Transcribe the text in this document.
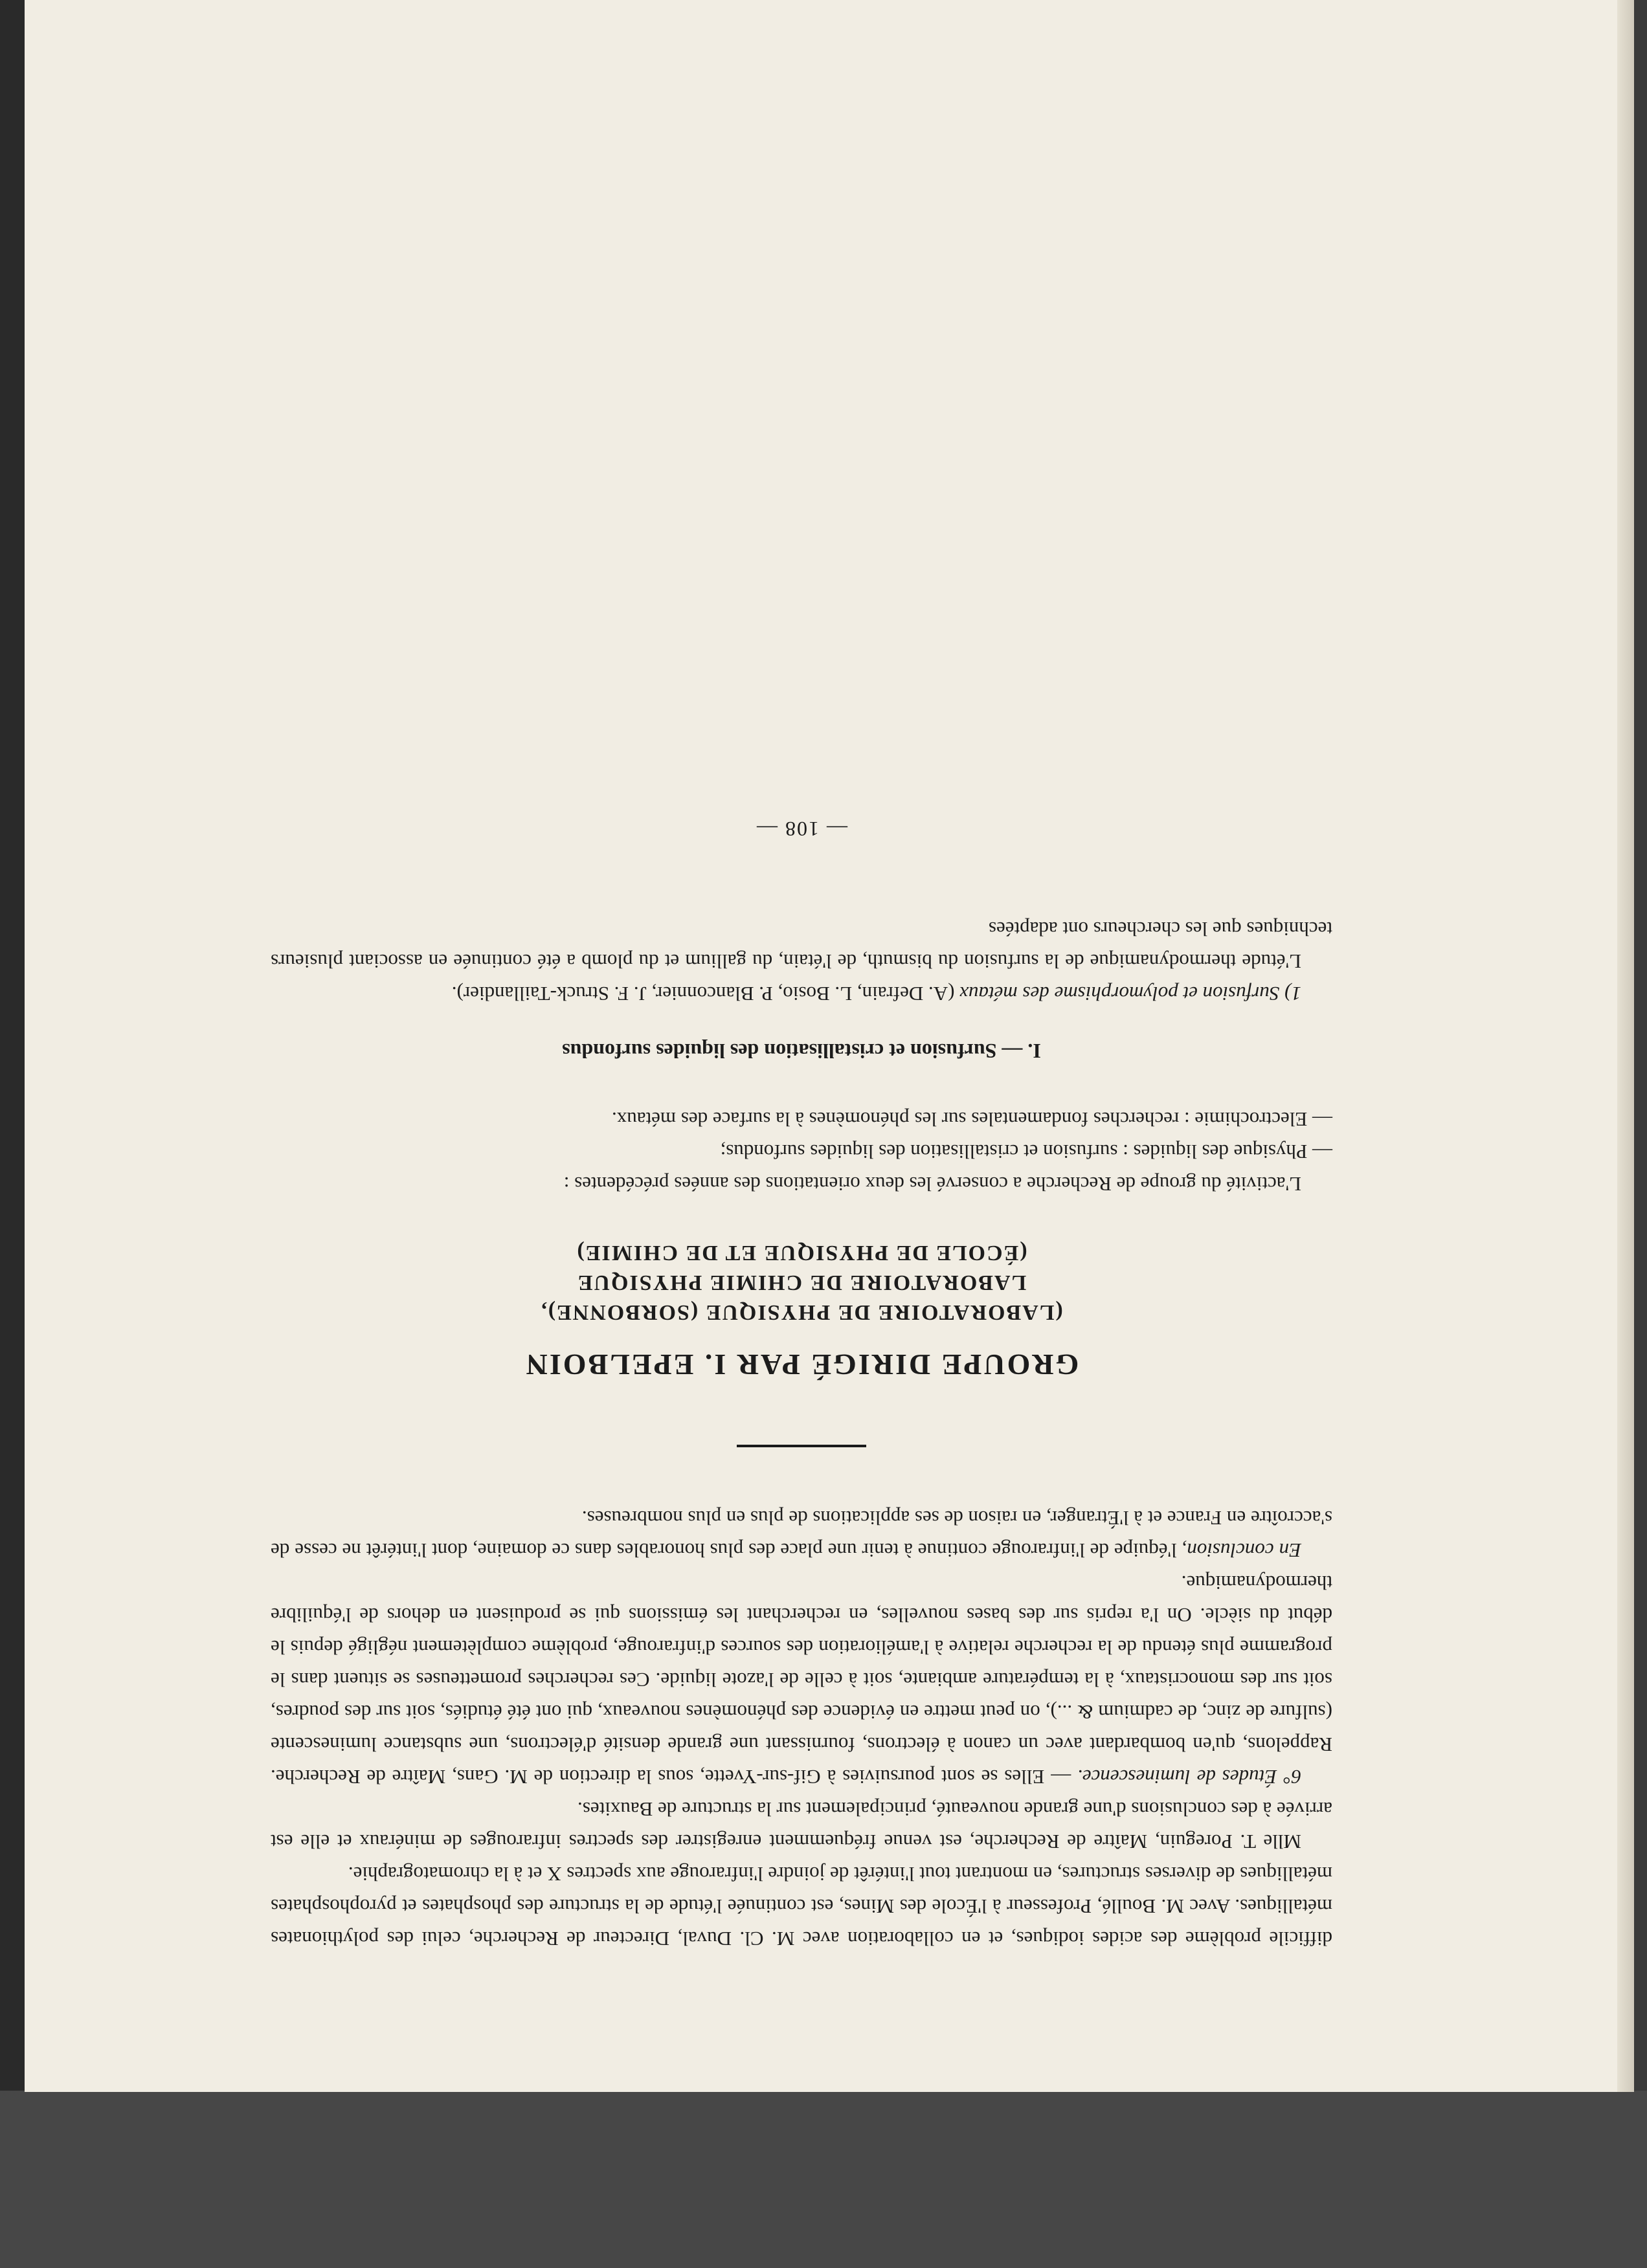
difficile problème des acides iodiques, et en collaboration avec M. Cl. Duval, Directeur de Recherche, celui des polythionates métalliques. Avec M. Boullé, Professeur à l'École des Mines, est continuée l'étude de la structure des phosphates et pyrophosphates métalliques de diverses structures, en montrant tout l'intérêt de joindre l'infrarouge aux spectres X et à la chromatographie.

Mlle T. Poreguin, Maître de Recherche, est venue fréquemment enregistrer des spectres infrarouges de minéraux et elle est arrivée à des conclusions d'une grande nouveauté, principalement sur la structure de Bauxites.

6° Études de luminescence. — Elles se sont poursuivies à Gif-sur-Yvette, sous la direction de M. Gans, Maître de Recherche. Rappelons, qu'en bombardant avec un canon à électrons, fournissant une grande densité d'électrons, une substance luminescente (sulfure de zinc, de cadmium & ...), on peut mettre en évidence des phénomènes nouveaux, qui ont été étudiés, soit sur des poudres, soit sur des monocristaux, à la température ambiante, soit à celle de l'azote liquide. Ces recherches prometteuses se situent dans le programme plus étendu de la recherche relative à l'amélioration des sources d'infrarouge, problème complètement négligé depuis le début du siècle. On l'a repris sur des bases nouvelles, en recherchant les émissions qui se produisent en dehors de l'équilibre thermodynamique.

En conclusion, l'équipe de l'infrarouge continue à tenir une place des plus honorables dans ce domaine, dont l'intérêt ne cesse de s'accroître en France et à l'Étranger, en raison de ses applications de plus en plus nombreuses.

GROUPE DIRIGÉ PAR I. EPELBOIN
(LABORATOIRE DE PHYSIQUE (SORBONNE),
LABORATOIRE DE CHIMIE PHYSIQUE
(ÉCOLE DE PHYSIQUE ET DE CHIMIE)

L'activité du groupe de Recherche a conservé les deux orientations des années précédentes :

— Physique des liquides : surfusion et cristallisation des liquides surfondus;

— Electrochimie : recherches fondamentales sur les phénomènes à la surface des métaux.

I. — Surfusion et cristallisation des liquides surfondus

1) Surfusion et polymorphisme des métaux (A. Defrain, L. Bosio, P. Blanconnier, J. F. Struck-Taillandier).

L'étude thermodynamique de la surfusion du bismuth, de l'étain, du gallium et du plomb a été continuée en associant plusieurs techniques que les chercheurs ont adaptées

— 108 —
